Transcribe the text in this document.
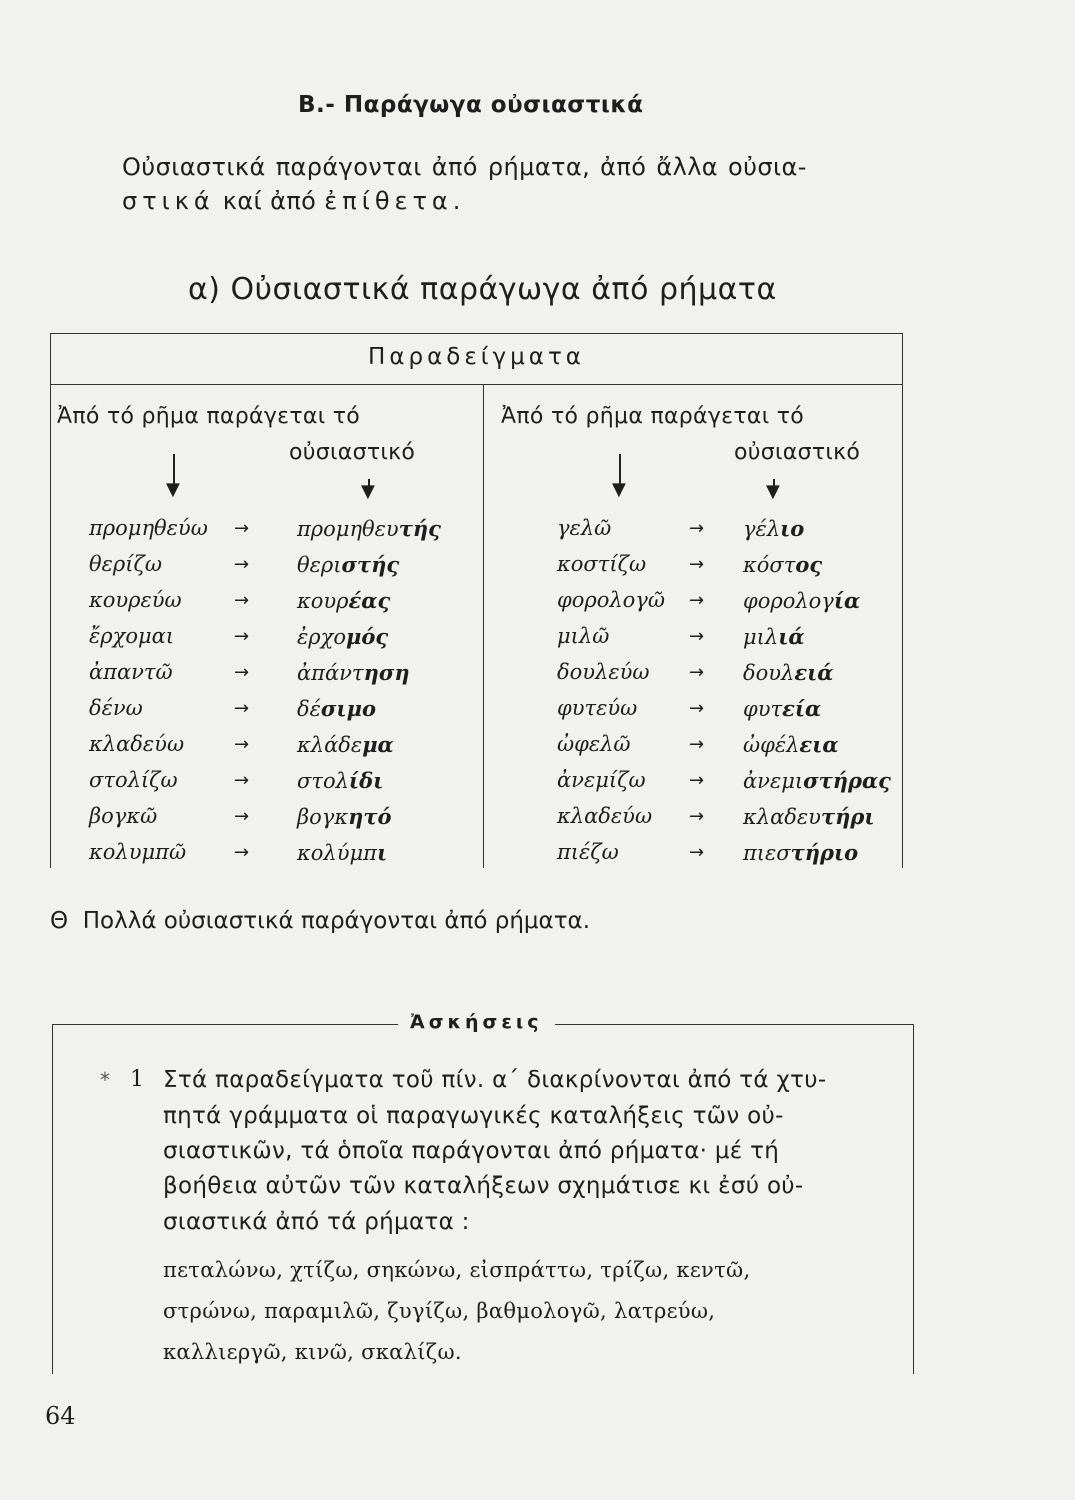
Β.- Παράγωγα οὐσιαστικά
Οὐσιαστικά παράγονται ἀπό ρήματα, ἀπό ἄλλα οὐσια-
στικά καί ἀπό ἐπίθετα.
α) Οὐσιαστικά παράγωγα ἀπό ρήματα
Παραδείγματα
Ἀπό τό ρῆμα παράγεται τό
οὐσιαστικό
▼	▼
Ἀπό τό ρῆμα παράγεται τό
οὐσιαστικό
▼	▼
προμηθεύω → προμηθευτής
θερίζω	→ θεριστής
κουρεύω	→ κουρέας
ἔρχομαι	→ ἐρχομός
ἀπαντῶ	→ ἀπάντηση
δένω	→ δέσιμο
κλαδεύω	→ κλάδεμα
στολίζω	→ στολίδι
βογκῶ	→ βογκητό
κολυμπῶ	→ κολύμπι
γελῶ	→ γέλιο
κοστίζω → κόστος
φορολογῶ → φορολογία
μιλῶ	→ μιλιά
δουλεύω → δουλειά
φυτεύω	→ φυτεία
ὠφελῶ	→ ὠφέλεια
ἀνεμίζω → ἀνεμιστήρας
κλαδεύω → κλαδευτήρι
πιέζω	→ πιεστήριο
Θ Πολλά οὐσιαστικά παράγονται ἀπό ρήματα.
Ἀσκήσεις
* 1 Στά παραδείγματα τοῦ πίν. α΄ διακρίνονται ἀπό τά χτυ-
πητά γράμματα οἱ παραγωγικές καταλήξεις τῶν οὐ-
σιαστικῶν, τά ὁποῖα παράγονται ἀπό ρήματα· μέ τή
βοήθεια αὐτῶν τῶν καταλήξεων σχημάτισε κι ἐσύ οὐ-
σιαστικά ἀπό τά ρήματα :
πεταλώνω, χτίζω, σηκώνω, εἰσπράττω, τρίζω, κεντῶ,
στρώνω, παραμιλῶ, ζυγίζω, βαθμολογῶ, λατρεύω,
καλλιεργῶ, κινῶ, σκαλίζω.
64
